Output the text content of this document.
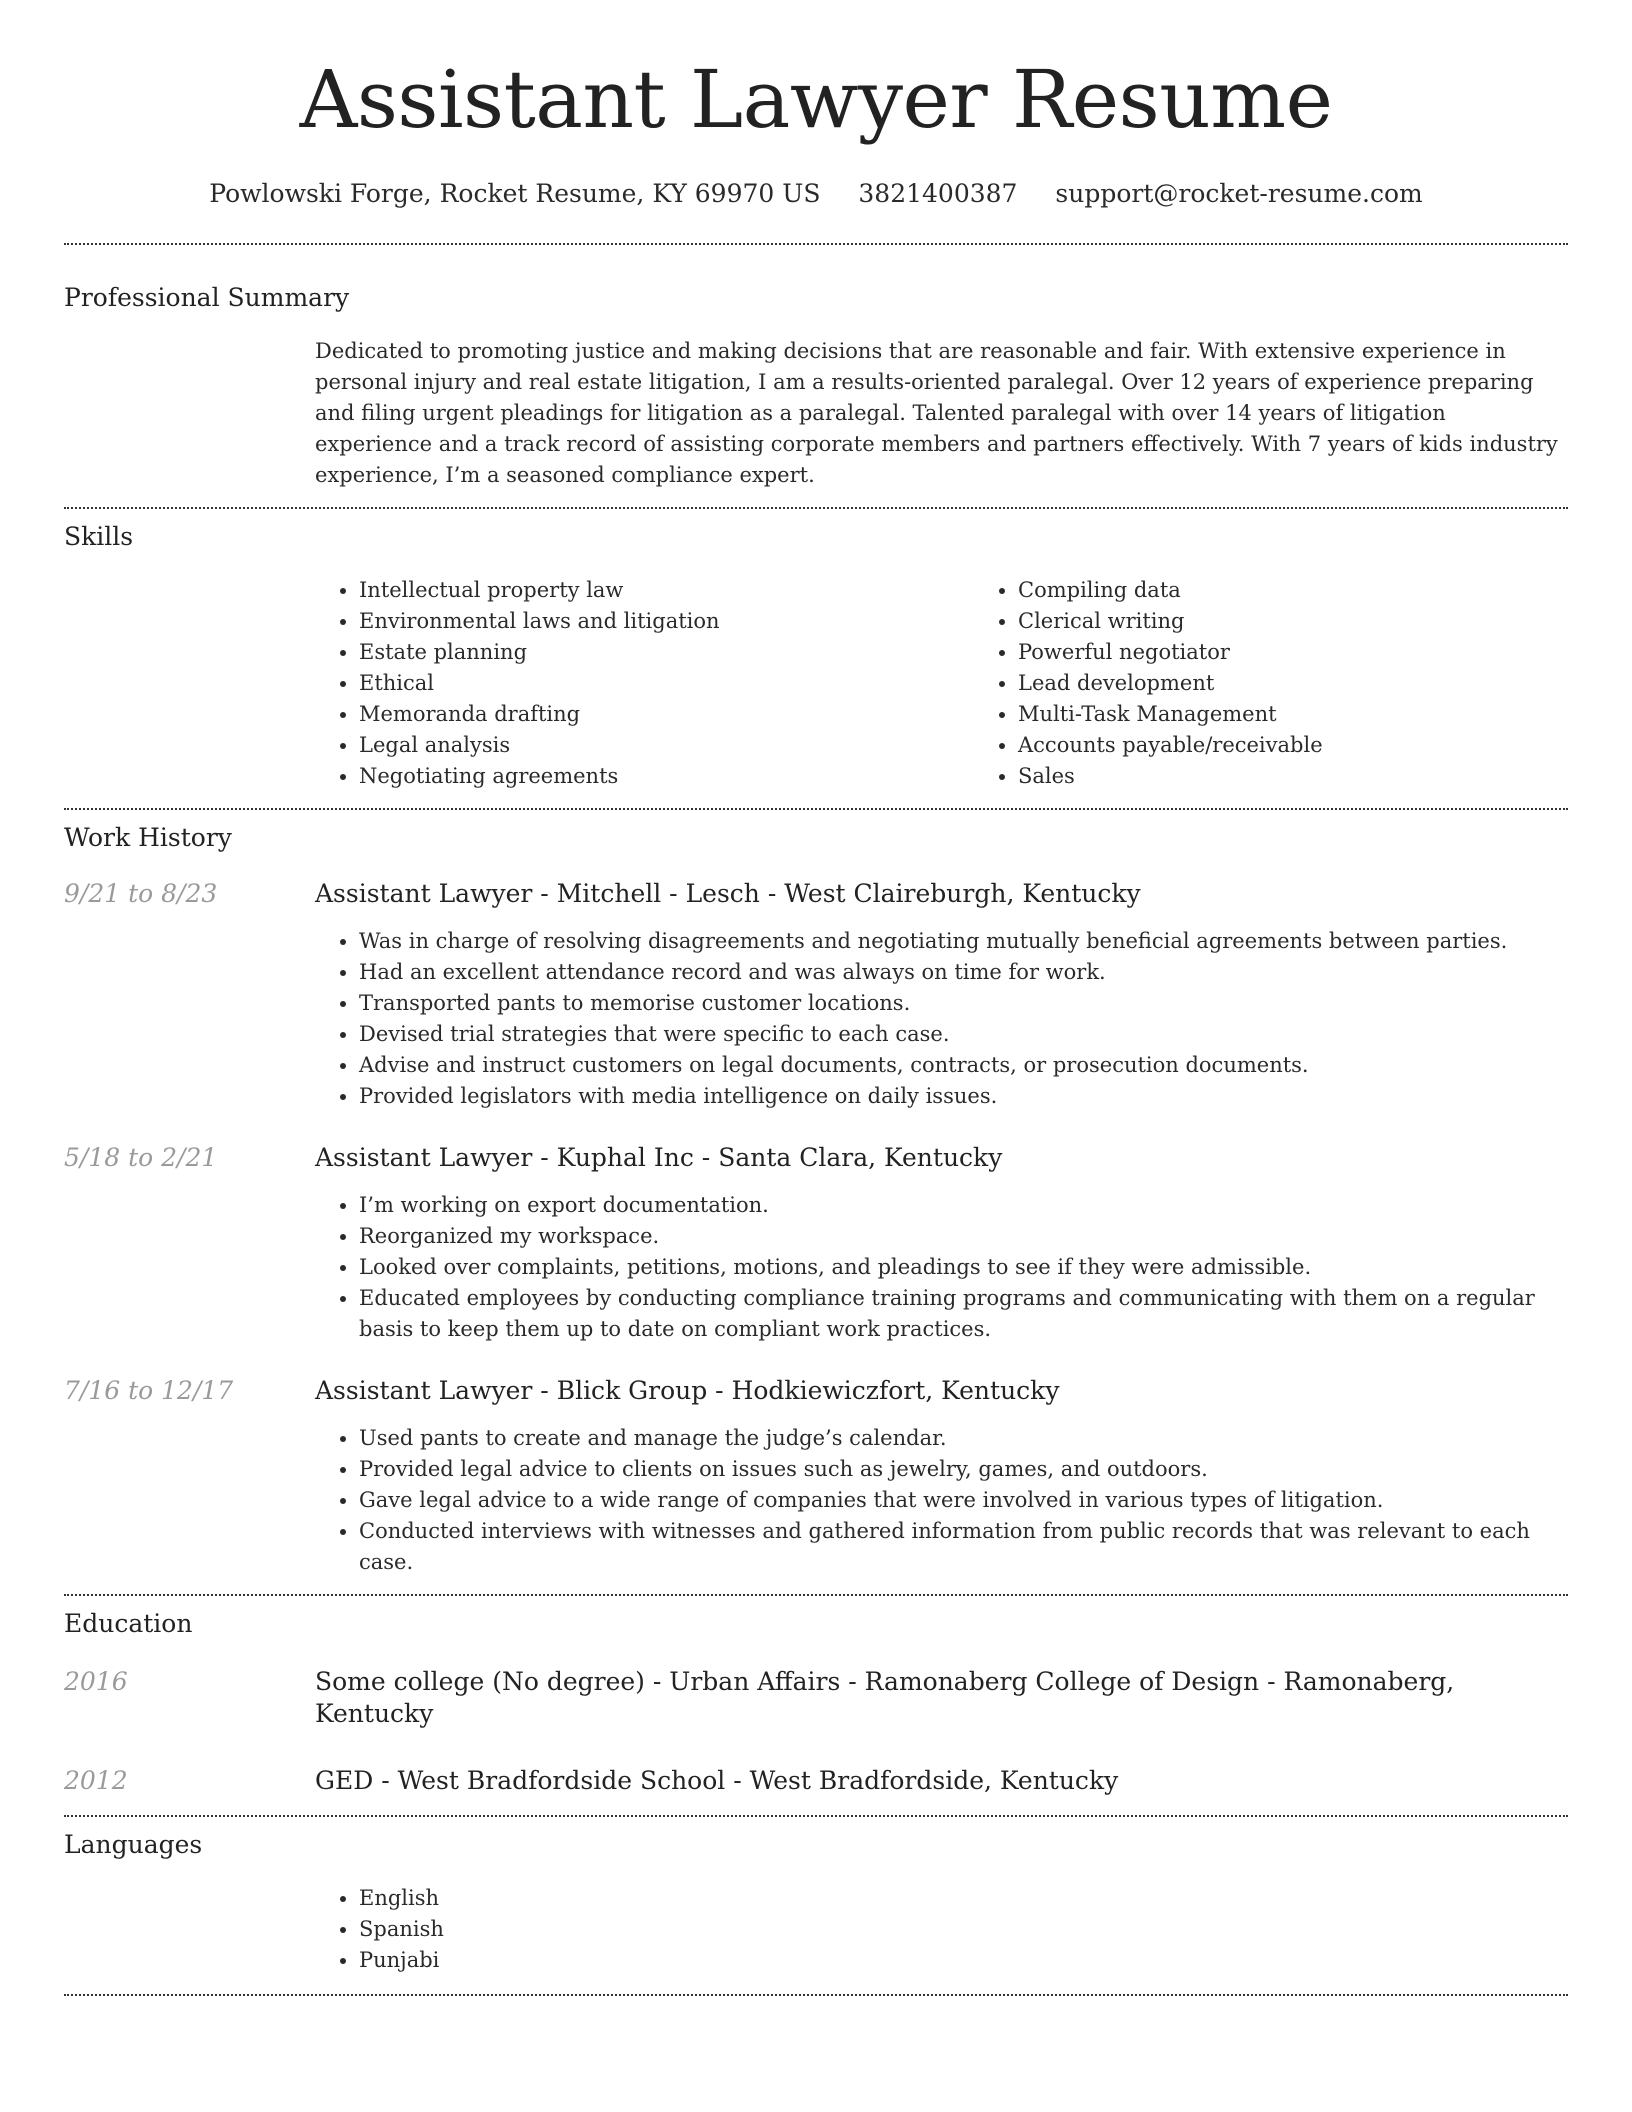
Assistant Lawyer Resume
Powlowski Forge, Rocket Resume, KY 69970 US 3821400387 support@rocket-resume.com
Professional Summary

Dedicated to promoting justice and making decisions that are reasonable and fair. With extensive experience in personal injury and real estate litigation, I am a results-oriented paralegal. Over 12 years of experience preparing and filing urgent pleadings for litigation as a paralegal. Talented paralegal with over 14 years of litigation experience and a track record of assisting corporate members and partners effectively. With 7 years of kids industry experience, I’m a seasoned compliance expert.

Skills
• Intellectual property law
• Environmental laws and litigation
• Estate planning
• Ethical
• Memoranda drafting
• Legal analysis
• Negotiating agreements
• Compiling data
• Clerical writing
• Powerful negotiator
• Lead development
• Multi-Task Management
• Accounts payable/receivable
• Sales
Work History
9/21 to 8/23	Assistant Lawyer - Mitchell - Lesch - West Claireburgh, Kentucky
• Was in charge of resolving disagreements and negotiating mutually beneficial agreements between parties.
• Had an excellent attendance record and was always on time for work.
• Transported pants to memorise customer locations.
• Devised trial strategies that were specific to each case.
• Advise and instruct customers on legal documents, contracts, or prosecution documents.
• Provided legislators with media intelligence on daily issues.
5/18 to 2/21	Assistant Lawyer - Kuphal Inc - Santa Clara, Kentucky
• I’m working on export documentation.
• Reorganized my workspace.
• Looked over complaints, petitions, motions, and pleadings to see if they were admissible.
• Educated employees by conducting compliance training programs and communicating with them on a regular basis to keep them up to date on compliant work practices.
7/16 to 12/17	Assistant Lawyer - Blick Group - Hodkiewiczfort, Kentucky
• Used pants to create and manage the judge’s calendar.
• Provided legal advice to clients on issues such as jewelry, games, and outdoors.
• Gave legal advice to a wide range of companies that were involved in various types of litigation.
• Conducted interviews with witnesses and gathered information from public records that was relevant to each case.
Education
2016	Some college (No degree) - Urban Affairs - Ramonaberg College of Design - Ramonaberg, Kentucky
2012	GED - West Bradfordside School - West Bradfordside, Kentucky
Languages
• English
• Spanish
• Punjabi
